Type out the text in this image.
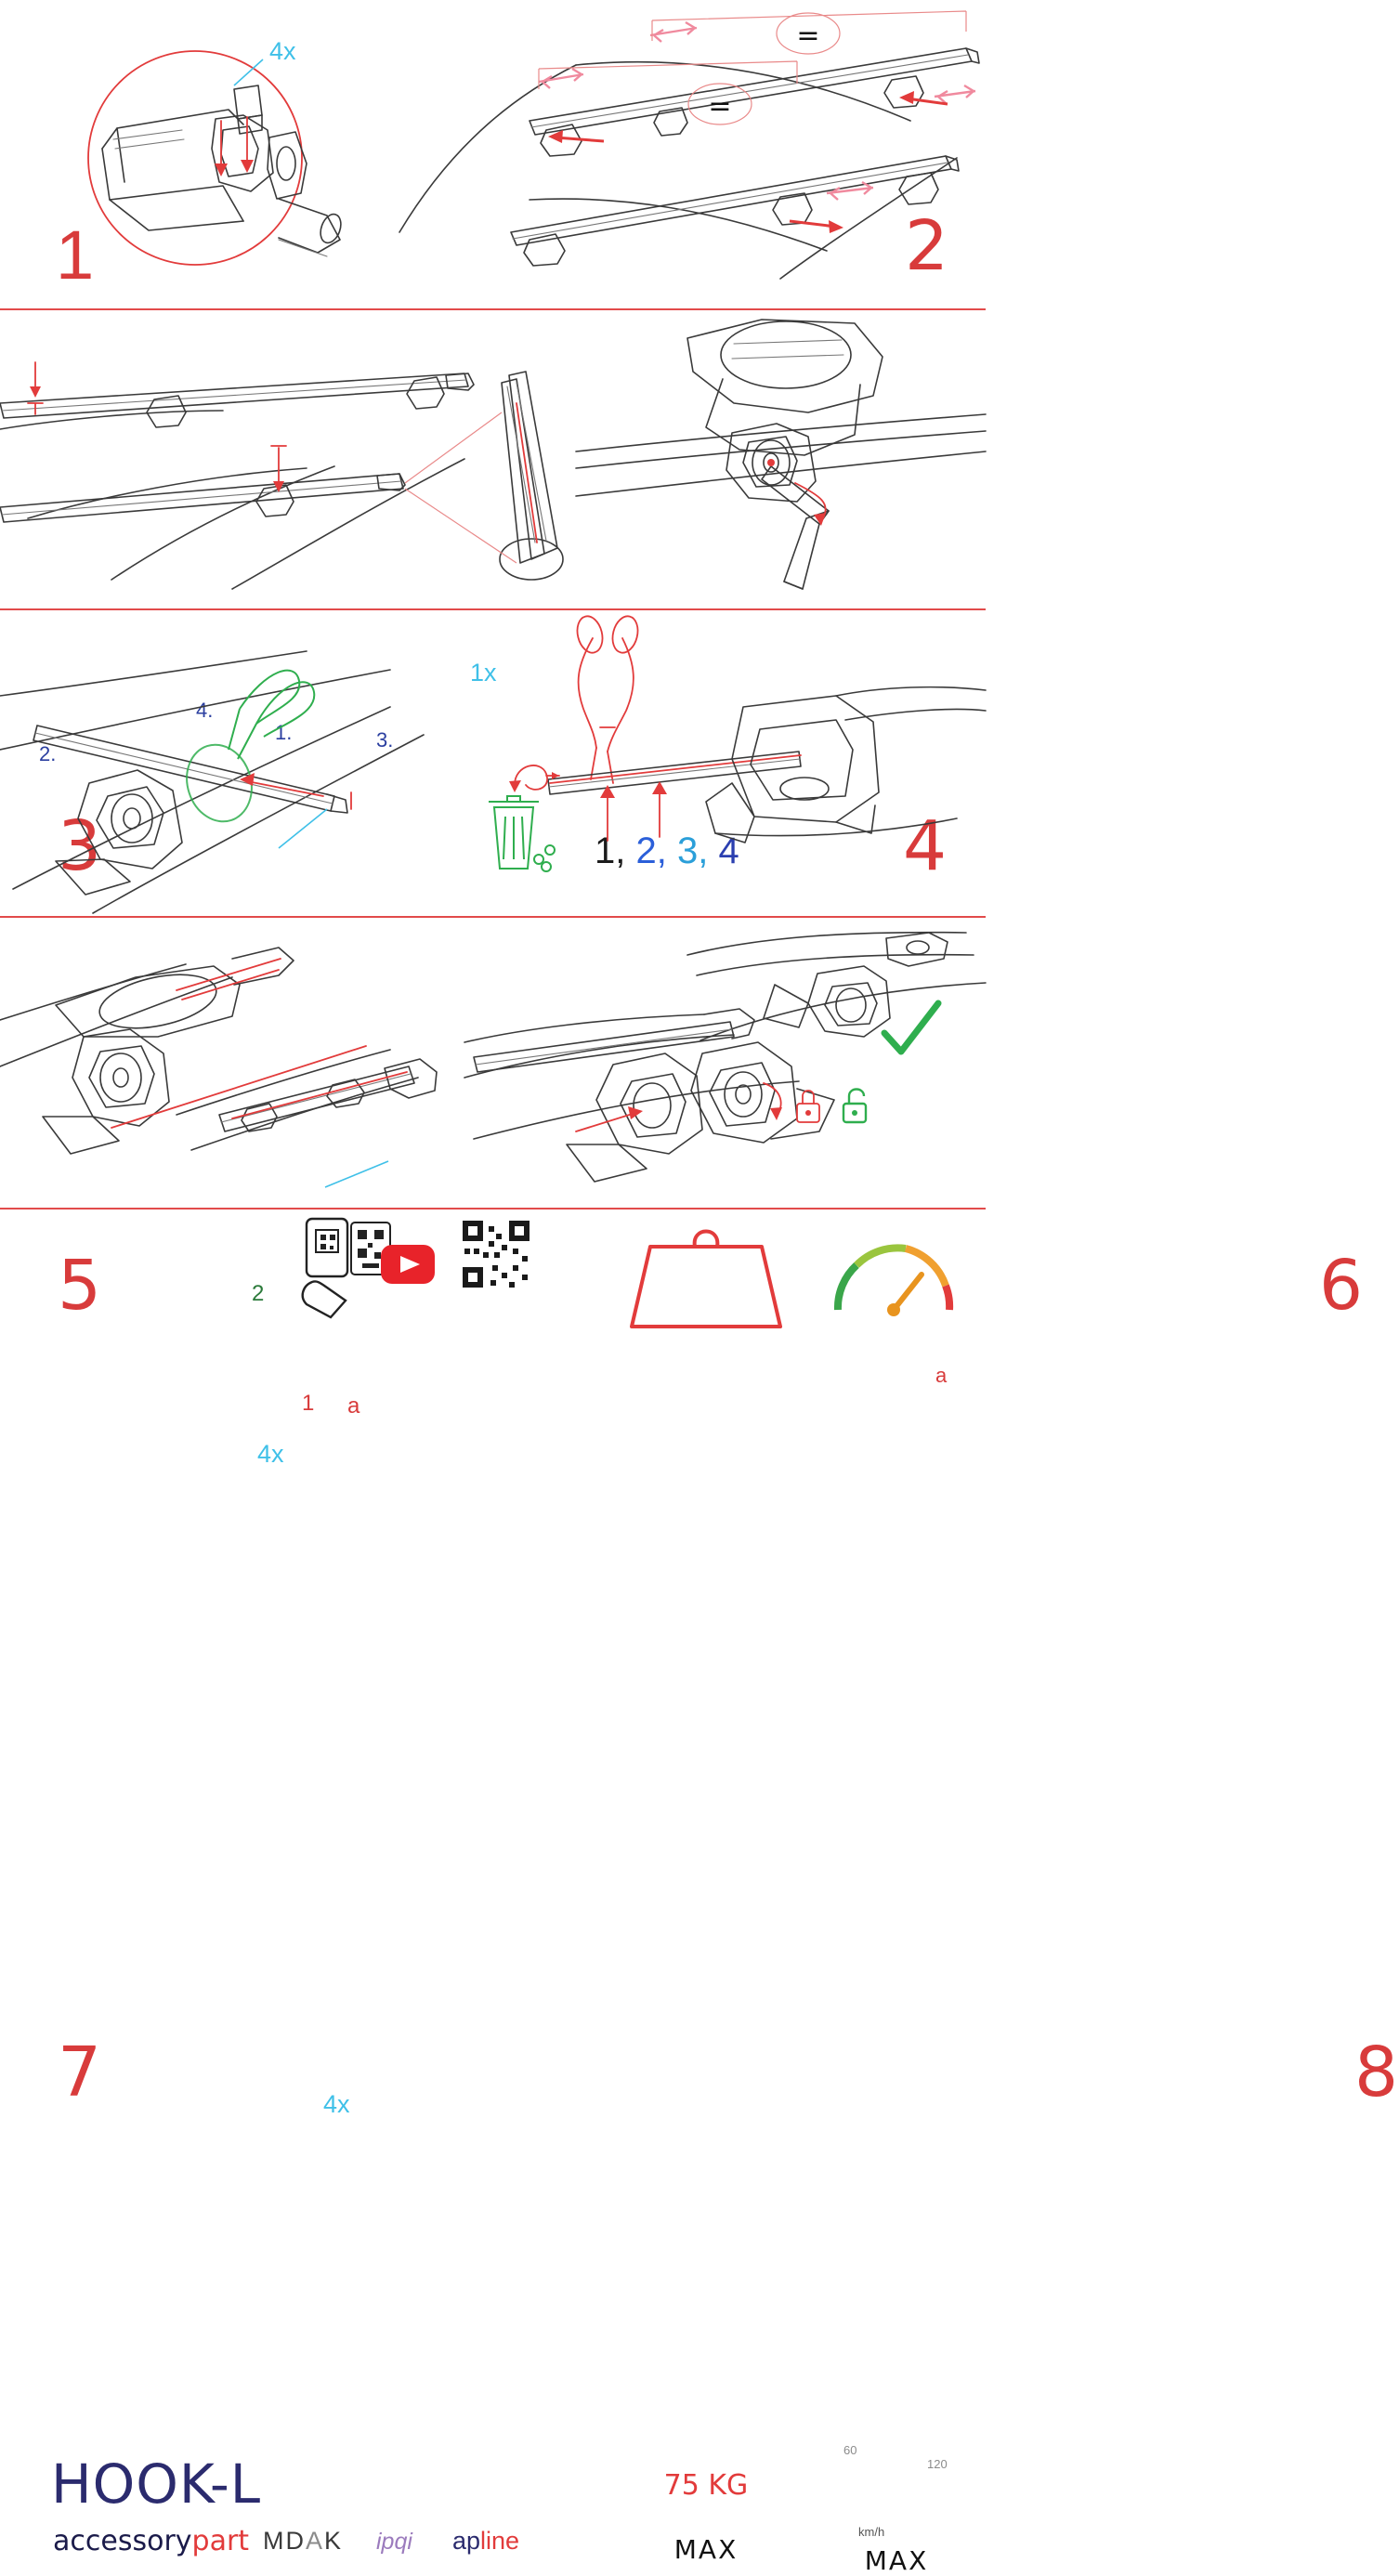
4x
1
=
=
2
1.
2.
3.
4.
1x
3	1, 2, 3, 4 4
5
1
2
a
4x
a
6
4x
7	8
HOOK-L
accessorypart MDAK ipqi apline
75 KG
MAX	MAX
km/h
60
120
